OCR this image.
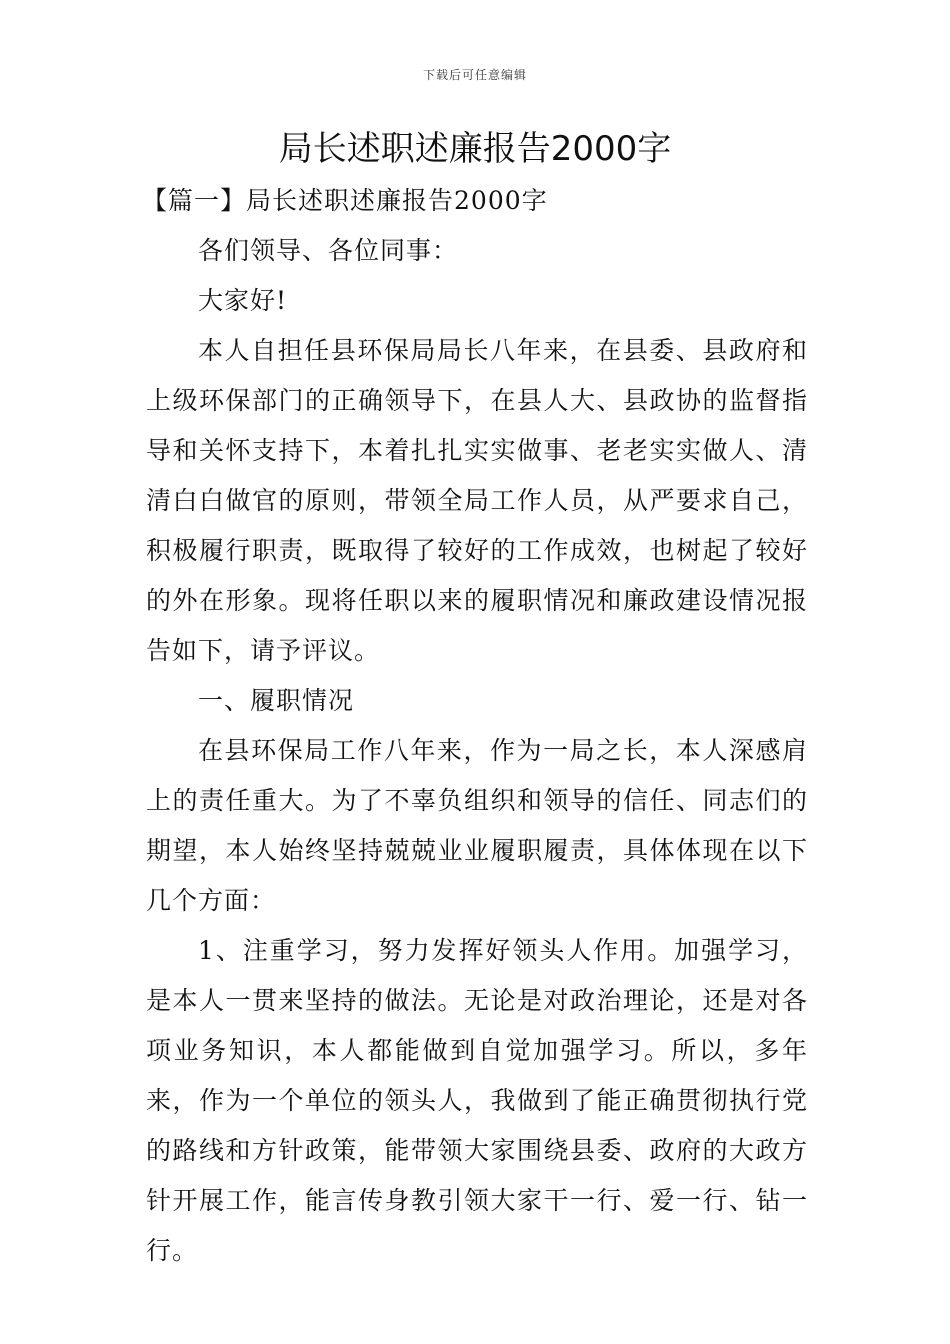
下载后可任意编辑
局长述职述廉报告2000字

【篇一】局长述职述廉报告2000字

各们领导、各位同事：

大家好!

本人自担任县环保局局长八年来，在县委、县政府和上级环保部门的正确领导下，在县人大、县政协的监督指导和关怀支持下，本着扎扎实实做事、老老实实做人、清清白白做官的原则，带领全局工作人员，从严要求自己，积极履行职责，既取得了较好的工作成效，也树起了较好的外在形象。现将任职以来的履职情况和廉政建设情况报告如下，请予评议。

一、履职情况

在县环保局工作八年来，作为一局之长，本人深感肩上的责任重大。为了不辜负组织和领导的信任、同志们的期望，本人始终坚持兢兢业业履职履责，具体体现在以下几个方面：

1、注重学习，努力发挥好领头人作用。加强学习，是本人一贯来坚持的做法。无论是对政治理论，还是对各项业务知识，本人都能做到自觉加强学习。所以，多年来，作为一个单位的领头人，我做到了能正确贯彻执行党的路线和方针政策，能带领大家围绕县委、政府的大政方针开展工作，能言传身教引领大家干一行、爱一行、钻一行。
